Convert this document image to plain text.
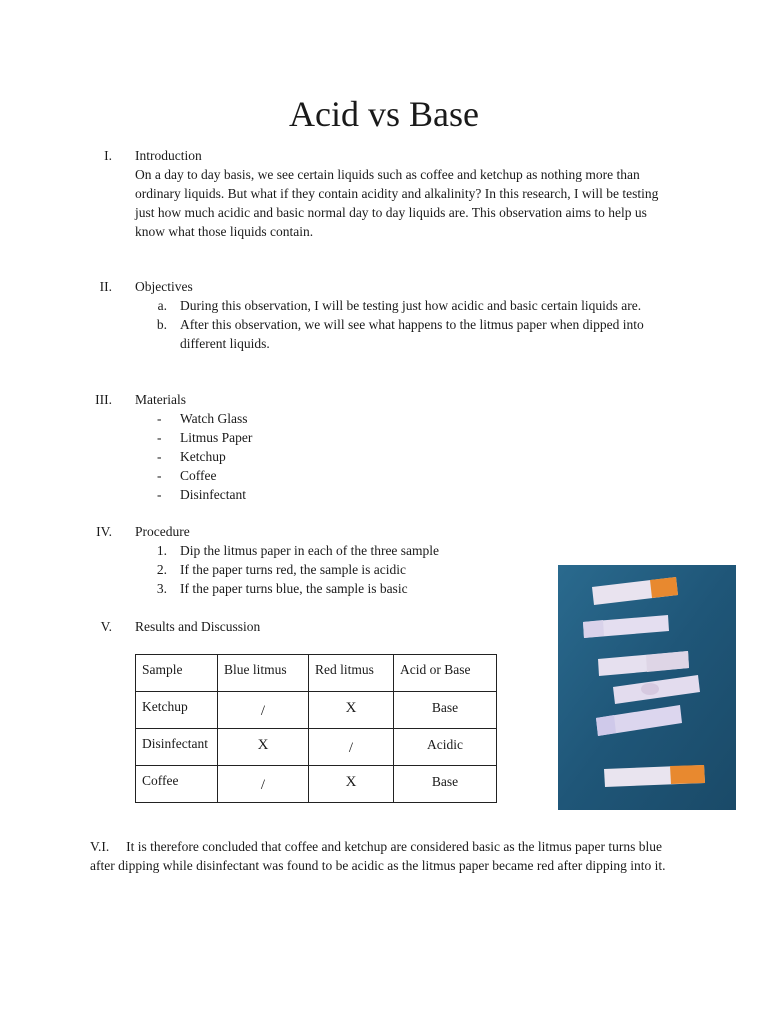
Acid vs Base
I. Introduction
On a day to day basis, we see certain liquids such as coffee and ketchup as nothing more than ordinary liquids. But what if they contain acidity and alkalinity? In this research, I will be testing just how much acidic and basic normal day to day liquids are. This observation aims to help us know what those liquids contain.
II. Objectives
a. During this observation, I will be testing just how acidic and basic certain liquids are.
b. After this observation, we will see what happens to the litmus paper when dipped into different liquids.
III. Materials
-	Watch Glass
-	Litmus Paper
-	Ketchup
-	Coffee
-	Disinfectant
IV. Procedure
1. Dip the litmus paper in each of the three sample
2. If the paper turns red, the sample is acidic
3. If the paper turns blue, the sample is basic
V. Results and Discussion
Sample	Blue litmus	Red litmus	Acid or Base

Ketchup	/	X	Base

Disinfectant	X	/	Acidic

Coffee	/	X	Base
V.I. It is therefore concluded that coffee and ketchup are considered basic as the litmus paper turns blue after dipping while disinfectant was found to be acidic as the litmus paper became red after dipping into it.
